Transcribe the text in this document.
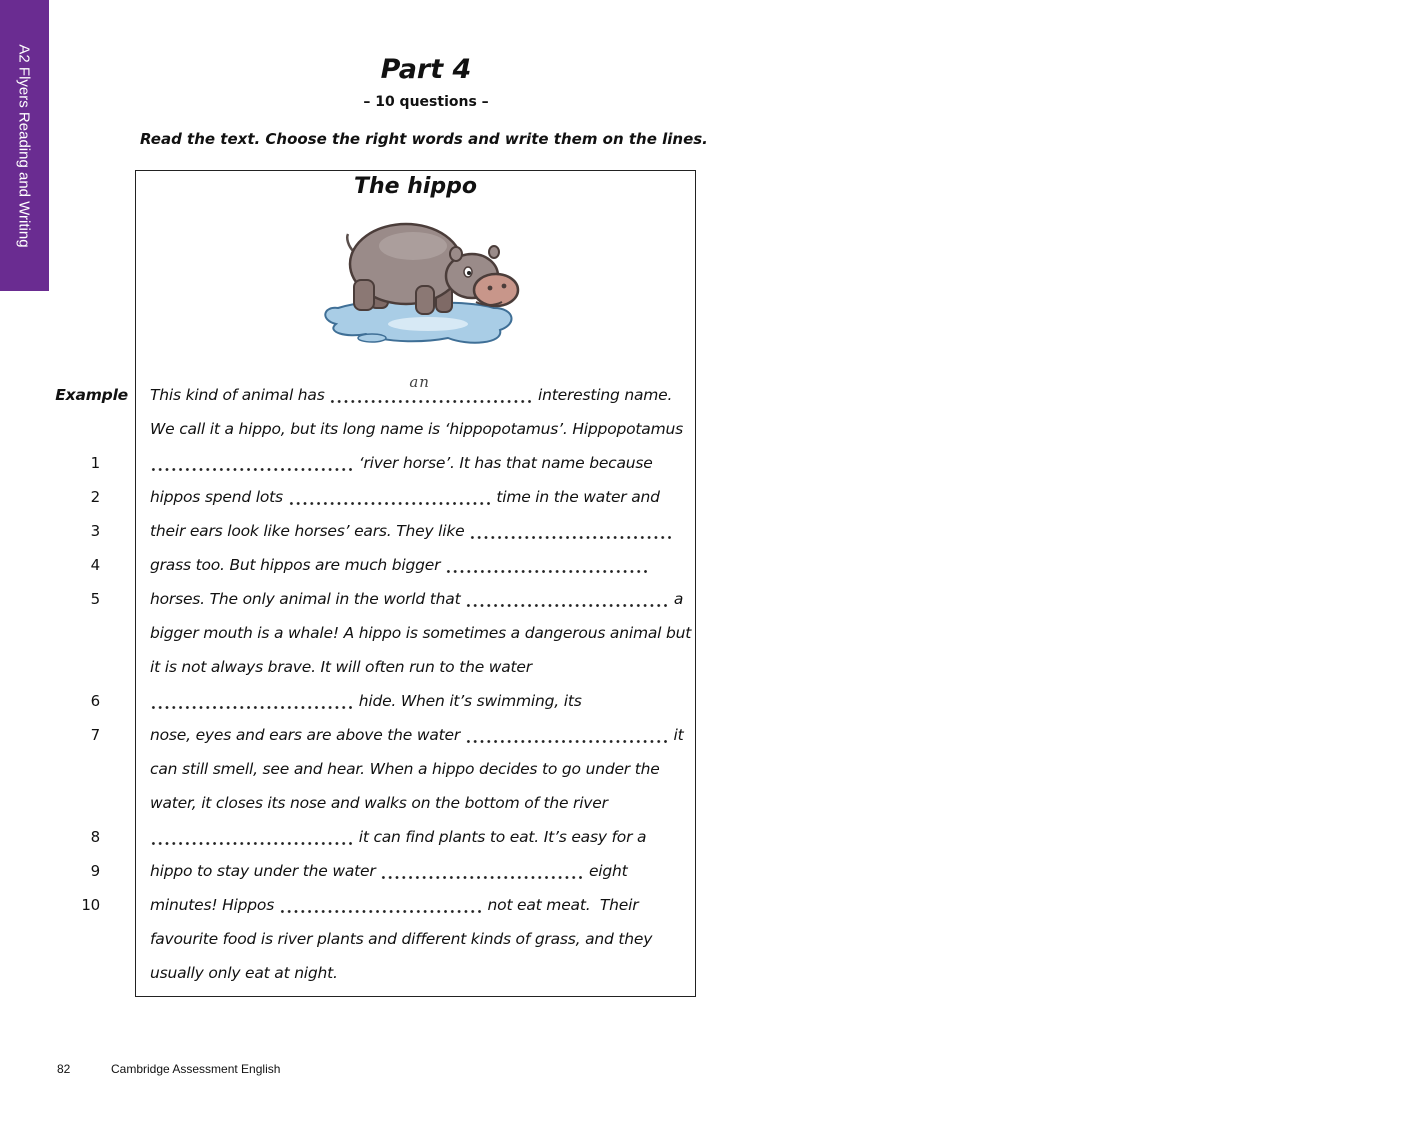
A2 Flyers Reading and Writing	Part 4
– 10 questions –
Read the text. Choose the right words and write them on the lines.
The hippo
Example This kind of animal has
an
interesting name.
We call it a hippo, but its long name is ‘hippopotamus’. Hippopotamus
1	‘river horse’. It has that name because
2	hippos spend lots	time in the water and
3	their ears look like horses’ ears. They like
4	grass too. But hippos are much bigger
5	horses. The only animal in the world that	a
bigger mouth is a whale! A hippo is sometimes a dangerous animal but
it is not always brave. It will often run to the water
6	hide. When it’s swimming, its
7	nose, eyes and ears are above the water	it
can still smell, see and hear. When a hippo decides to go under the
water, it closes its nose and walks on the bottom of the river
8	it can find plants to eat. It’s easy for a
9	hippo to stay under the water	eight
10	minutes! Hippos	not eat meat.  Their
favourite food is river plants and different kinds of grass, and they
usually only eat at night.
82	Cambridge Assessment English
